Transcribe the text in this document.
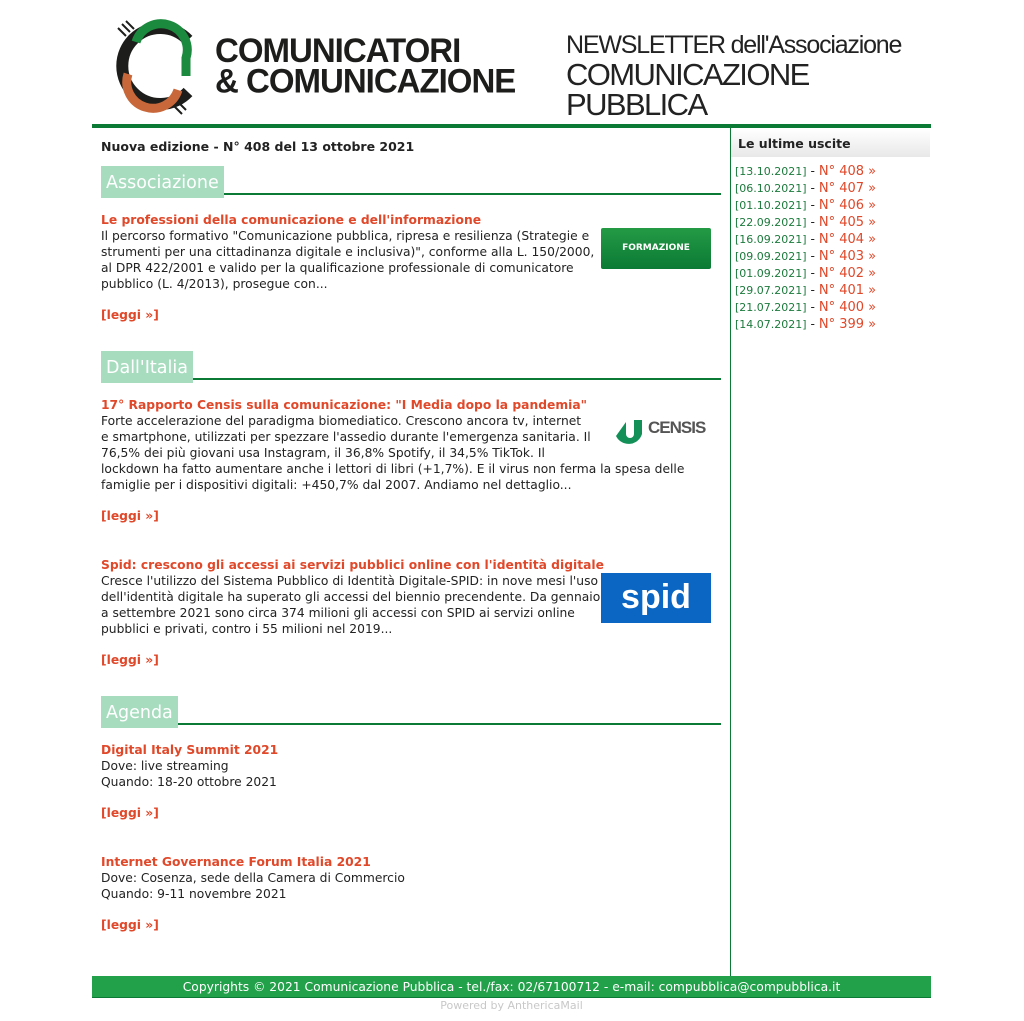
COMUNICATORI
& COMUNICAZIONE
NEWSLETTER dell'Associazione
COMUNICAZIONE PUBBLICA
Nuova edizione - N° 408 del 13 ottobre 2021
Associazione
Le professioni della comunicazione e dell'informazione
Il percorso formativo "Comunicazione pubblica, ripresa e resilienza (Strategie e strumenti per una cittadinanza digitale e inclusiva)", conforme alla L. 150/2000, al DPR 422/2001 e valido per la qualificazione professionale di comunicatore pubblico (L. 4/2013), prosegue con...
FORMAZIONE
[leggi »]
Dall'Italia
17° Rapporto Censis sulla comunicazione: "I Media dopo la pandemia"
Forte accelerazione del paradigma biomediatico. Crescono ancora tv, internet e smartphone, utilizzati per spezzare l'assedio durante l'emergenza sanitaria. Il 76,5% dei più giovani usa Instagram, il 36,8% Spotify, il 34,5% TikTok. Il lockdown ha fatto aumentare anche i lettori di libri (+1,7%). E il virus non ferma la spesa delle famiglie per i dispositivi digitali: +450,7% dal 2007. Andiamo nel dettaglio...
CENSIS
[leggi »]
Spid: crescono gli accessi ai servizi pubblici online con l'identità digitale
Cresce l'utilizzo del Sistema Pubblico di Identità Digitale-SPID: in nove mesi l'uso dell'identità digitale ha superato gli accessi del biennio precendente. Da gennaio a settembre 2021 sono circa 374 milioni gli accessi con SPID ai servizi online pubblici e privati, contro i 55 milioni nel 2019...
spid
[leggi »]
Agenda
Digital Italy Summit 2021
Dove: live streaming
Quando: 18-20 ottobre 2021
[leggi »]
Internet Governance Forum Italia 2021
Dove: Cosenza, sede della Camera di Commercio
Quando: 9-11 novembre 2021
[leggi »]
Le ultime uscite
[13.10.2021] - N° 408 »
[06.10.2021] - N° 407 »
[01.10.2021] - N° 406 »
[22.09.2021] - N° 405 »
[16.09.2021] - N° 404 »
[09.09.2021] - N° 403 »
[01.09.2021] - N° 402 »
[29.07.2021] - N° 401 »
[21.07.2021] - N° 400 »
[14.07.2021] - N° 399 »
Copyrights © 2021 Comunicazione Pubblica - tel./fax: 02/67100712 - e-mail: compubblica@compubblica.it
Powered by AnthericaMail
